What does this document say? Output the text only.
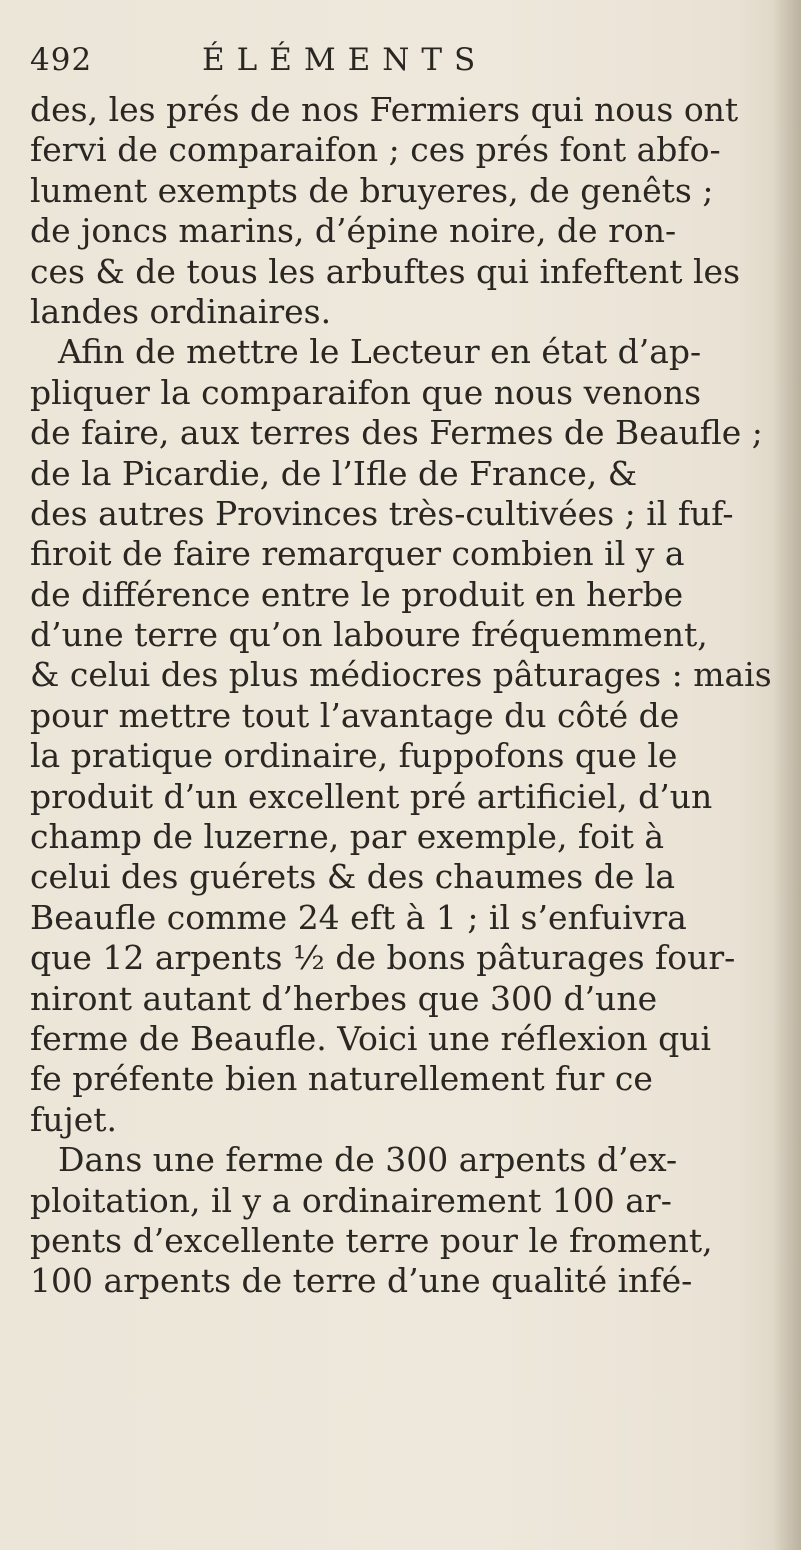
492	ÉLÉMENTS
des, les prés de nos Fermiers qui nous ont
fervi de comparaifon ; ces prés font abfo-
lument exempts de bruyeres, de genêts ;
de joncs marins, d’épine noire, de ron-
ces & de tous les arbuftes qui infeftent les
landes ordinaires.
Afin de mettre le Lecteur en état d’ap-
pliquer la comparaifon que nous venons
de faire, aux terres des Fermes de Beaufle ;
de la Picardie, de l’Ifle de France, &
des autres Provinces très-cultivées ; il fuf-
firoit de faire remarquer combien il y a
de différence entre le produit en herbe
d’une terre qu’on laboure fréquemment,
& celui des plus médiocres pâturages : mais
pour mettre tout l’avantage du côté de
la pratique ordinaire, fuppofons que le
produit d’un excellent pré artificiel, d’un
champ de luzerne, par exemple, foit à
celui des guérets & des chaumes de la
Beaufle comme 24 eft à 1 ; il s’enfuivra
que 12 arpents ½ de bons pâturages four-
niront autant d’herbes que 300 d’une
ferme de Beaufle. Voici une réflexion qui
fe préfente bien naturellement fur ce
fujet.
Dans une ferme de 300 arpents d’ex-
ploitation, il y a ordinairement 100 ar-
pents d’excellente terre pour le froment,
100 arpents de terre d’une qualité infé-
